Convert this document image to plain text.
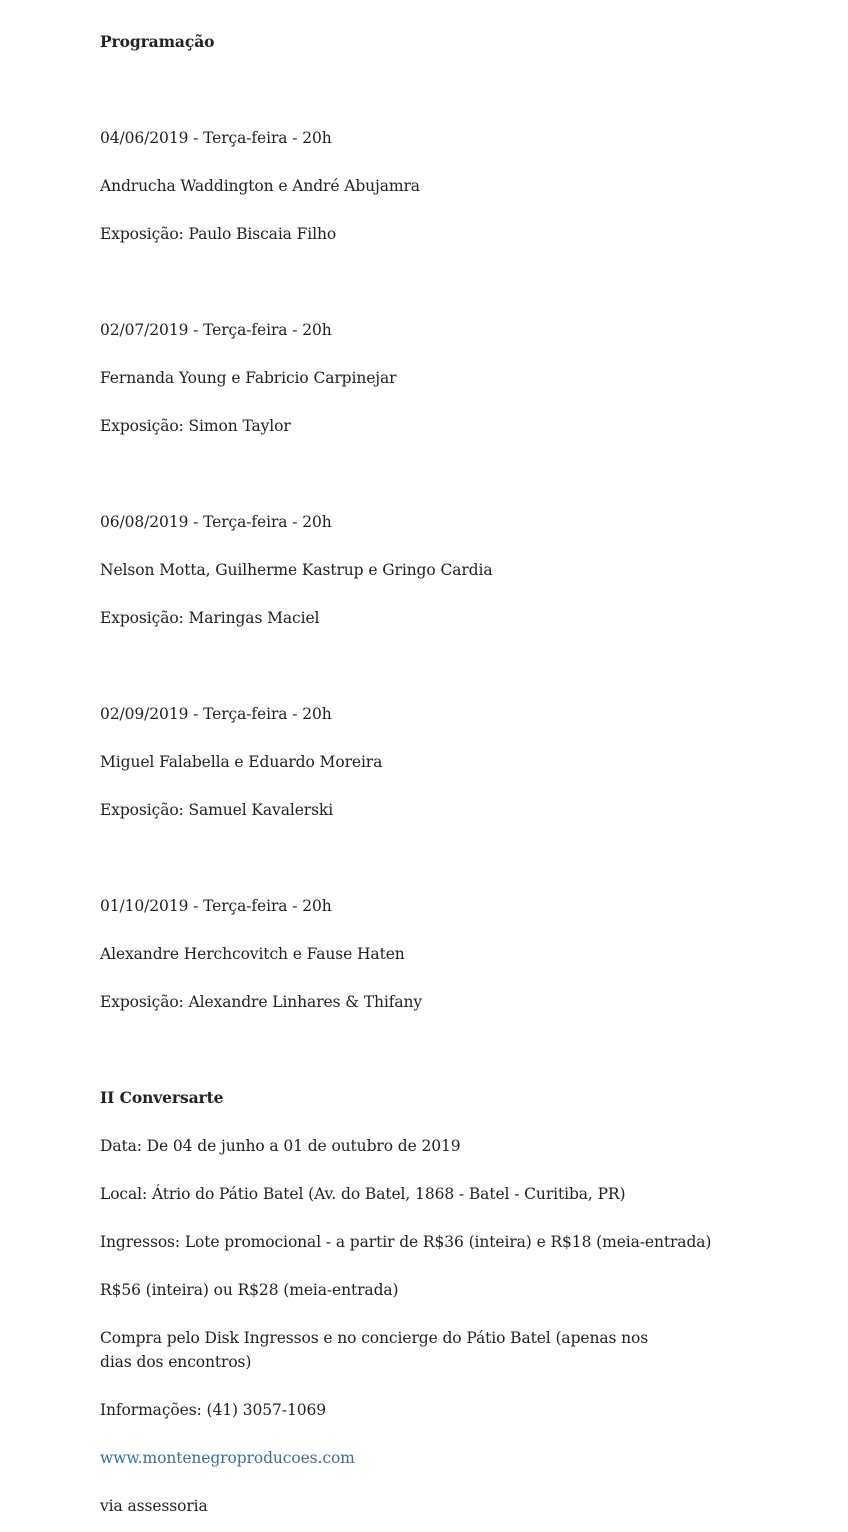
Programação
04/06/2019 - Terça-feira - 20h
Andrucha Waddington e André Abujamra
Exposição: Paulo Biscaia Filho
02/07/2019 - Terça-feira - 20h
Fernanda Young e Fabricio Carpinejar
Exposição: Simon Taylor
06/08/2019 - Terça-feira - 20h
Nelson Motta, Guilherme Kastrup e Gringo Cardia
Exposição: Maringas Maciel
02/09/2019 - Terça-feira - 20h
Miguel Falabella e Eduardo Moreira
Exposição: Samuel Kavalerski
01/10/2019 - Terça-feira - 20h
Alexandre Herchcovitch e Fause Haten
Exposição: Alexandre Linhares & Thifany
II Conversarte
Data: De 04 de junho a 01 de outubro de 2019
Local: Átrio do Pátio Batel (Av. do Batel, 1868 - Batel - Curitiba, PR)
Ingressos: Lote promocional - a partir de R$36 (inteira) e R$18 (meia-entrada)
R$56 (inteira) ou R$28 (meia-entrada)
Compra pelo Disk Ingressos e no concierge do Pátio Batel (apenas nos dias dos encontros)
Informações: (41) 3057-1069
www.montenegroproducoes.com
via assessoria
